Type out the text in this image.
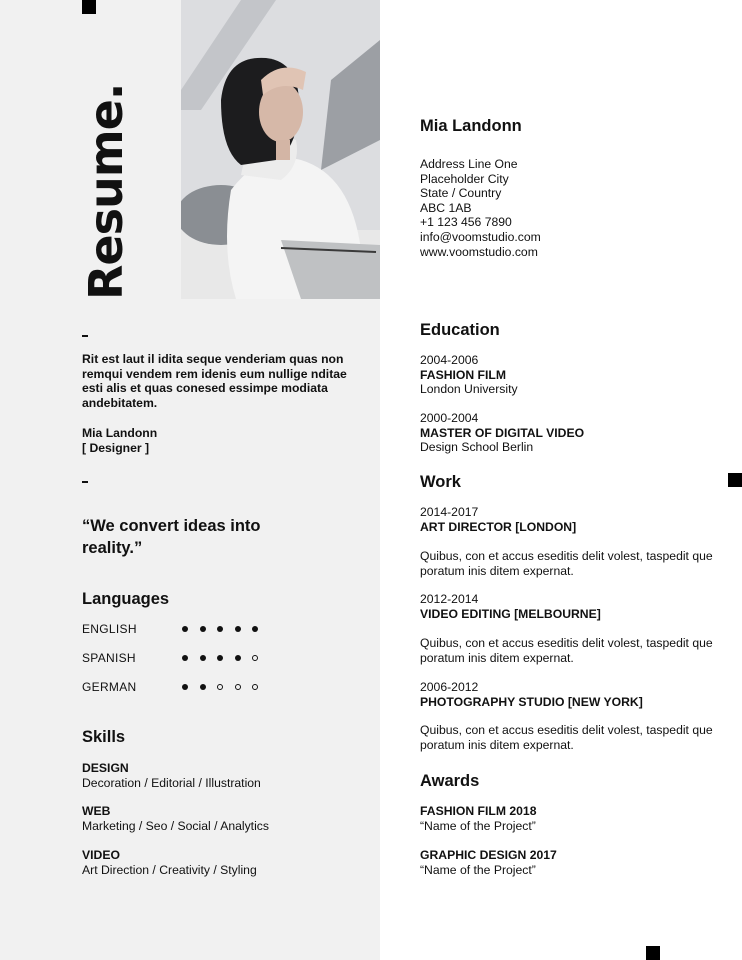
Resume.
Rit est laut il idita seque venderiam quas non remqui vendem rem idenis eum nullige nditae esti alis et quas conesed essimpe modiata andebitatem.
Mia Landonn
[ Designer ]
“We convert ideas into reality.”
Languages
ENGLISH
SPANISH
GERMAN
Skills
DESIGN
Decoration / Editorial / Illustration
WEB
Marketing / Seo / Social / Analytics
VIDEO
Art Direction / Creativity / Styling
Mia Landonn
Address Line One
Placeholder City
State / Country
ABC 1AB
+1 123 456 7890
info@voomstudio.com
www.voomstudio.com
Education
2004-2006
FASHION FILM
London University
2000-2004
MASTER OF DIGITAL VIDEO
Design School Berlin
Work
2014-2017
ART DIRECTOR [LONDON]
Quibus, con et accus eseditis delit volest, taspedit que poratum inis ditem expernat.
2012-2014
VIDEO EDITING [MELBOURNE]
Quibus, con et accus eseditis delit volest, taspedit que poratum inis ditem expernat.
2006-2012
PHOTOGRAPHY STUDIO [NEW YORK]
Quibus, con et accus eseditis delit volest, taspedit que poratum inis ditem expernat.
Awards
FASHION FILM 2018
“Name of the Project”
GRAPHIC DESIGN 2017
“Name of the Project”
